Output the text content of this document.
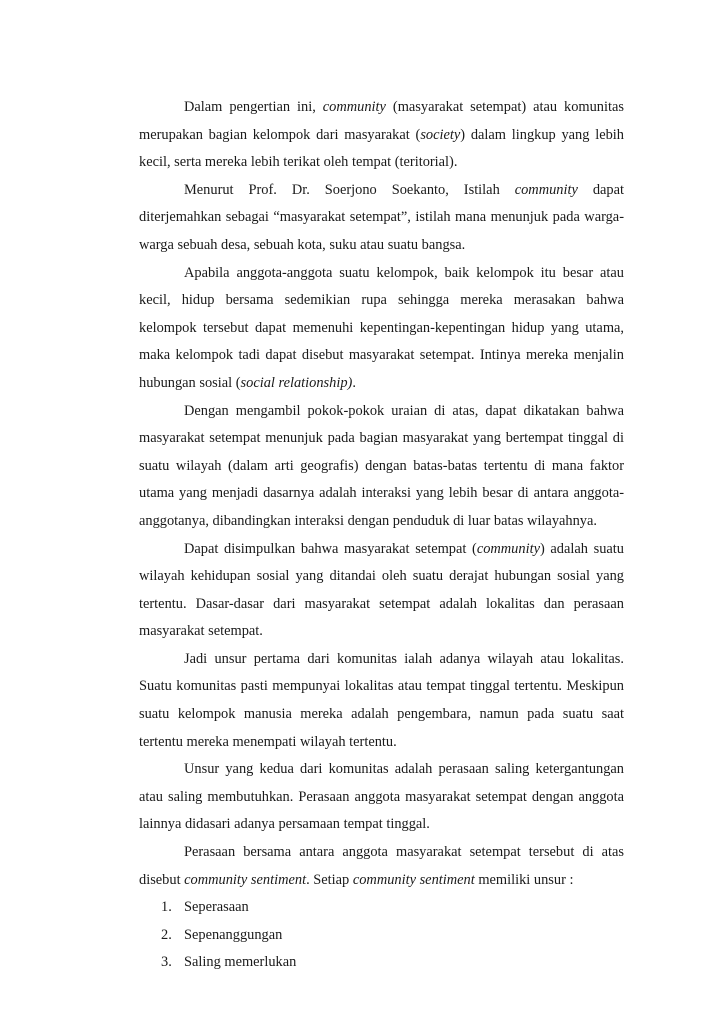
Dalam pengertian ini, community (masyarakat setempat) atau komunitas merupakan bagian kelompok dari masyarakat (society) dalam lingkup yang lebih kecil, serta mereka lebih terikat oleh tempat (teritorial).

Menurut Prof. Dr. Soerjono Soekanto, Istilah community dapat diterjemahkan sebagai “masyarakat setempat”, istilah mana menunjuk pada warga-warga sebuah desa, sebuah kota, suku atau suatu bangsa.

Apabila anggota-anggota suatu kelompok, baik kelompok itu besar atau kecil, hidup bersama sedemikian rupa sehingga mereka merasakan bahwa kelompok tersebut dapat memenuhi kepentingan-kepentingan hidup yang utama, maka kelompok tadi dapat disebut masyarakat setempat. Intinya mereka menjalin hubungan sosial (social relationship).

Dengan mengambil pokok-pokok uraian di atas, dapat dikatakan bahwa masyarakat setempat menunjuk pada bagian masyarakat yang bertempat tinggal di suatu wilayah (dalam arti geografis) dengan batas-batas tertentu di mana faktor utama yang menjadi dasarnya adalah interaksi yang lebih besar di antara anggota-anggotanya, dibandingkan interaksi dengan penduduk di luar batas wilayahnya.

Dapat disimpulkan bahwa masyarakat setempat (community) adalah suatu wilayah kehidupan sosial yang ditandai oleh suatu derajat hubungan sosial yang tertentu. Dasar-dasar dari masyarakat setempat adalah lokalitas dan perasaan masyarakat setempat.

Jadi unsur pertama dari komunitas ialah adanya wilayah atau lokalitas. Suatu komunitas pasti mempunyai lokalitas atau tempat tinggal tertentu. Meskipun suatu kelompok manusia mereka adalah pengembara, namun pada suatu saat tertentu mereka menempati wilayah tertentu.

Unsur yang kedua dari komunitas adalah perasaan saling ketergantungan atau saling membutuhkan. Perasaan anggota masyarakat setempat dengan anggota lainnya didasari adanya persamaan tempat tinggal.

Perasaan bersama antara anggota masyarakat setempat tersebut di atas disebut community sentiment. Setiap community sentiment memiliki unsur :

1. Seperasaan
2. Sepenanggungan
3. Saling memerlukan
